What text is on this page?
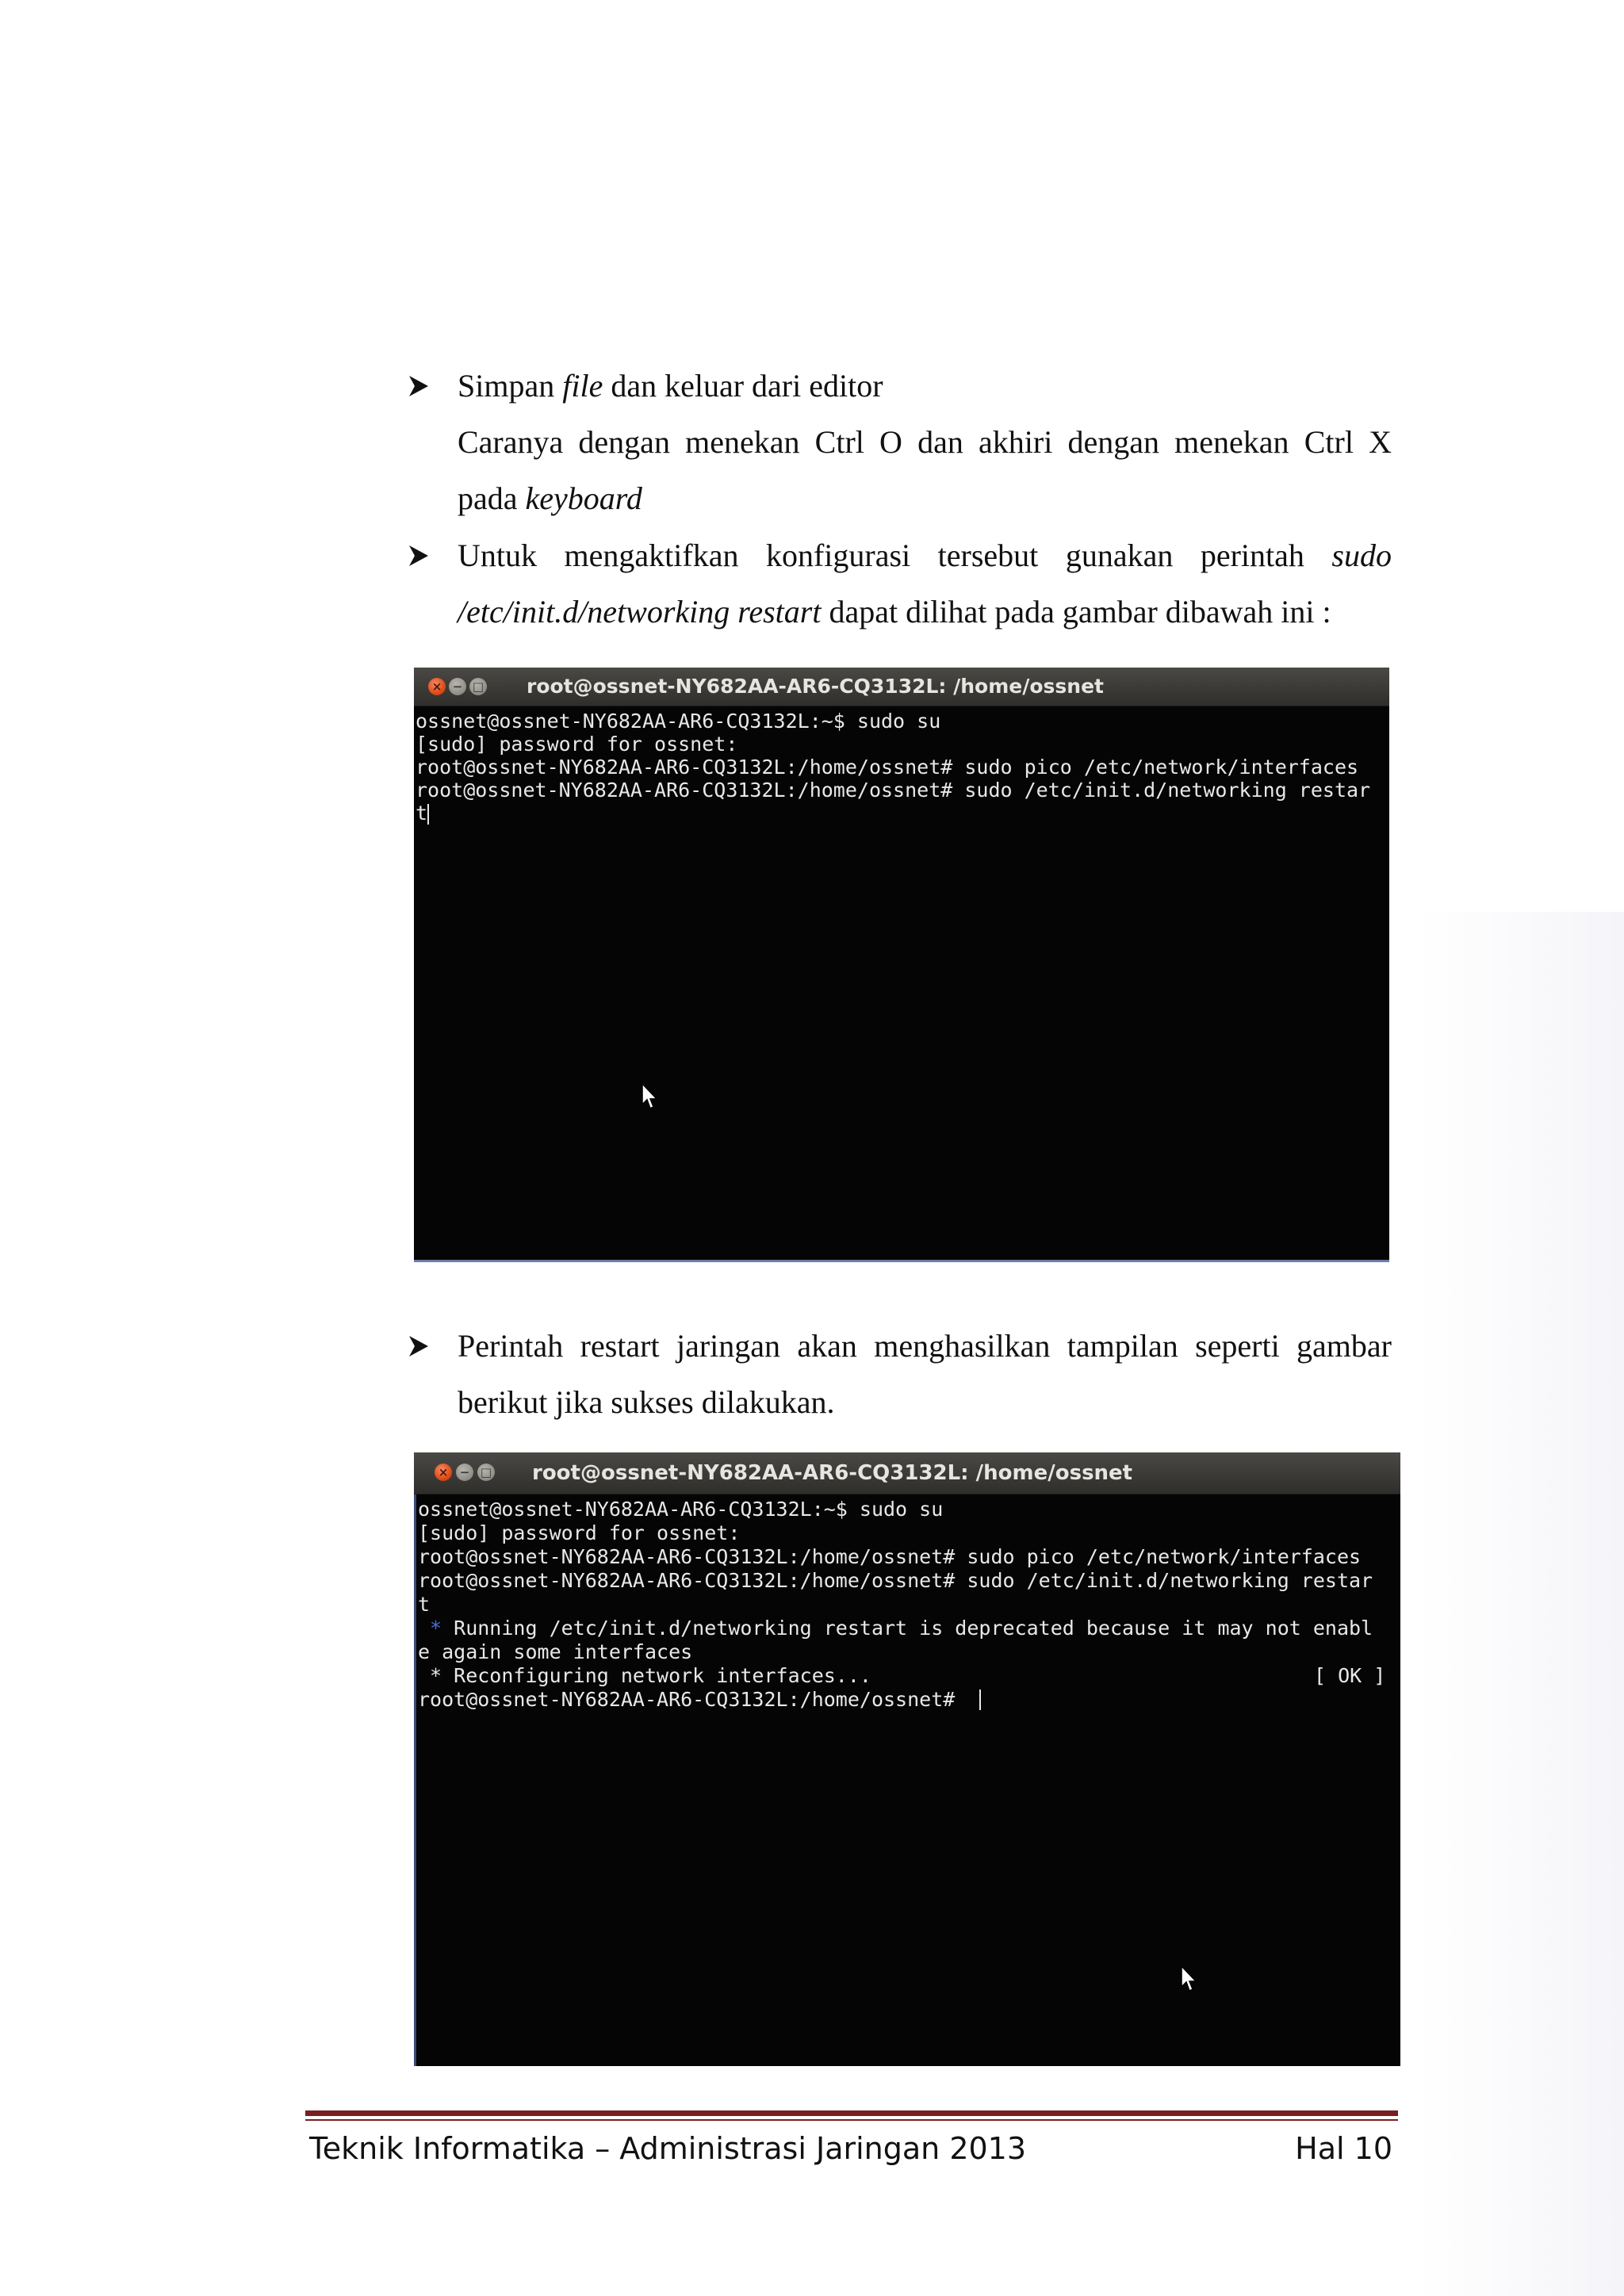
Simpan file dan keluar dari editor
Caranya dengan menekan Ctrl O dan akhiri dengan menekan Ctrl X
pada keyboard
Untuk mengaktifkan konfigurasi tersebut gunakan perintah sudo
/etc/init.d/networking restart dapat dilihat pada gambar dibawah ini :
× − □ root@ossnet-NY682AA-AR6-CQ3132L: /home/ossnet
ossnet@ossnet-NY682AA-AR6-CQ3132L:~$ sudo su
[sudo] password for ossnet:
root@ossnet-NY682AA-AR6-CQ3132L:/home/ossnet# sudo pico /etc/network/interfaces
root@ossnet-NY682AA-AR6-CQ3132L:/home/ossnet# sudo /etc/init.d/networking restar
t
Perintah restart jaringan akan menghasilkan tampilan seperti gambar
berikut jika sukses dilakukan.
× − □ root@ossnet-NY682AA-AR6-CQ3132L: /home/ossnet
ossnet@ossnet-NY682AA-AR6-CQ3132L:~$ sudo su
[sudo] password for ossnet:
root@ossnet-NY682AA-AR6-CQ3132L:/home/ossnet# sudo pico /etc/network/interfaces
root@ossnet-NY682AA-AR6-CQ3132L:/home/ossnet# sudo /etc/init.d/networking restar
t
* Running /etc/init.d/networking restart is deprecated because it may not enabl
e again some interfaces
* Reconfiguring network interfaces...	[ OK ]
root@ossnet-NY682AA-AR6-CQ3132L:/home/ossnet#
Teknik Informatika – Administrasi Jaringan 2013	Hal 10
